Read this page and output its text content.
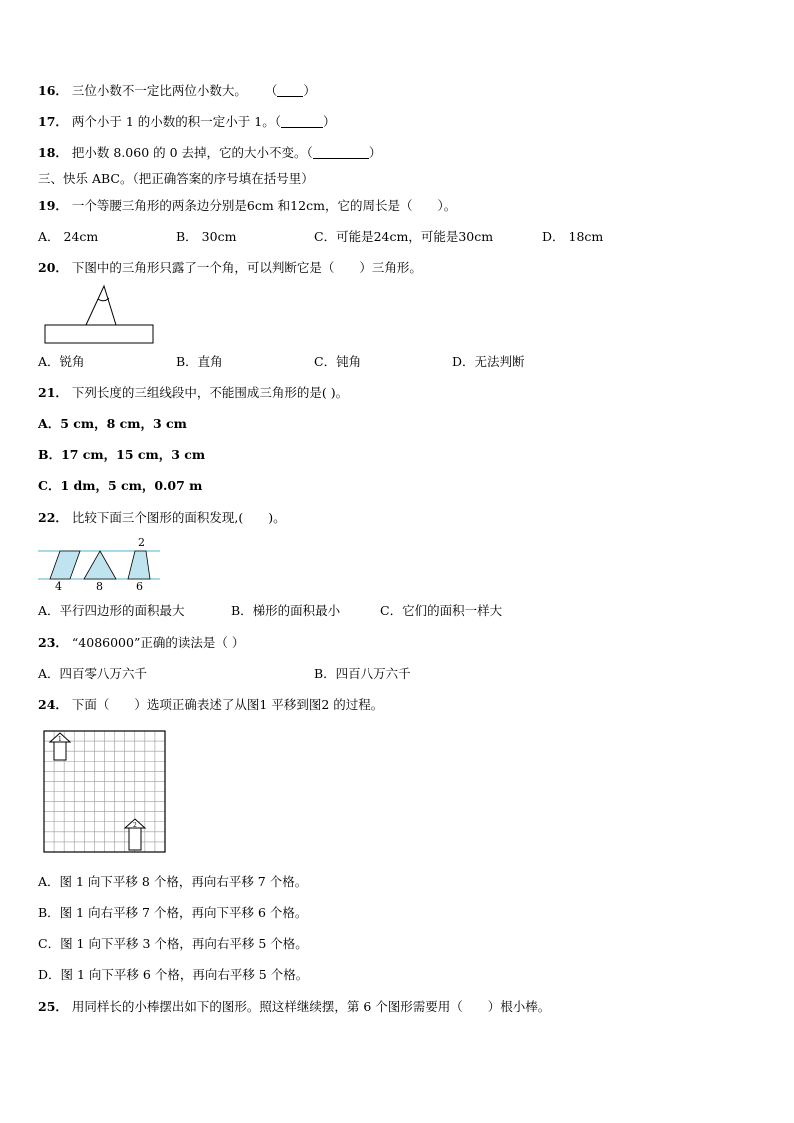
16． 三位小数不一定比两位小数大。 （ ）
17． 两个小于 1 的小数的积一定小于 1。（	）
18． 把小数 8.060 的 0 去掉，它的大小不变。（	）
三、快乐 ABC。（把正确答案的序号填在括号里）
19． 一个等腰三角形的两条边分别是6cm 和12cm，它的周长是（　　）。
A． 24cm	B． 30cm	C．可能是24cm，可能是30cm	D． 18cm
20． 下图中的三角形只露了一个角，可以判断它是（　　）三角形。
A．锐角	B．直角	C．钝角	D．无法判断
21． 下列长度的三组线段中，不能围成三角形的是( )。
A．5 cm，8 cm，3 cm
B．17 cm，15 cm，3 cm
C．1 dm，5 cm，0.07 m
22． 比较下面三个图形的面积发现,(　　)。
4	8
2
6
A．平行四边形的面积最大	B．梯形的面积最小	C．它们的面积一样大
23． “4086000”正确的读法是（ ）
A．四百零八万六千	B．四百八万六千
24． 下面（　　）选项正确表述了从图1 平移到图2 的过程。
1
2
A．图 1 向下平移 8 个格，再向右平移 7 个格。
B．图 1 向右平移 7 个格，再向下平移 6 个格。
C．图 1 向下平移 3 个格，再向右平移 5 个格。
D．图 1 向下平移 6 个格，再向右平移 5 个格。
25． 用同样长的小棒摆出如下的图形。照这样继续摆，第 6 个图形需要用（　　）根小棒。
